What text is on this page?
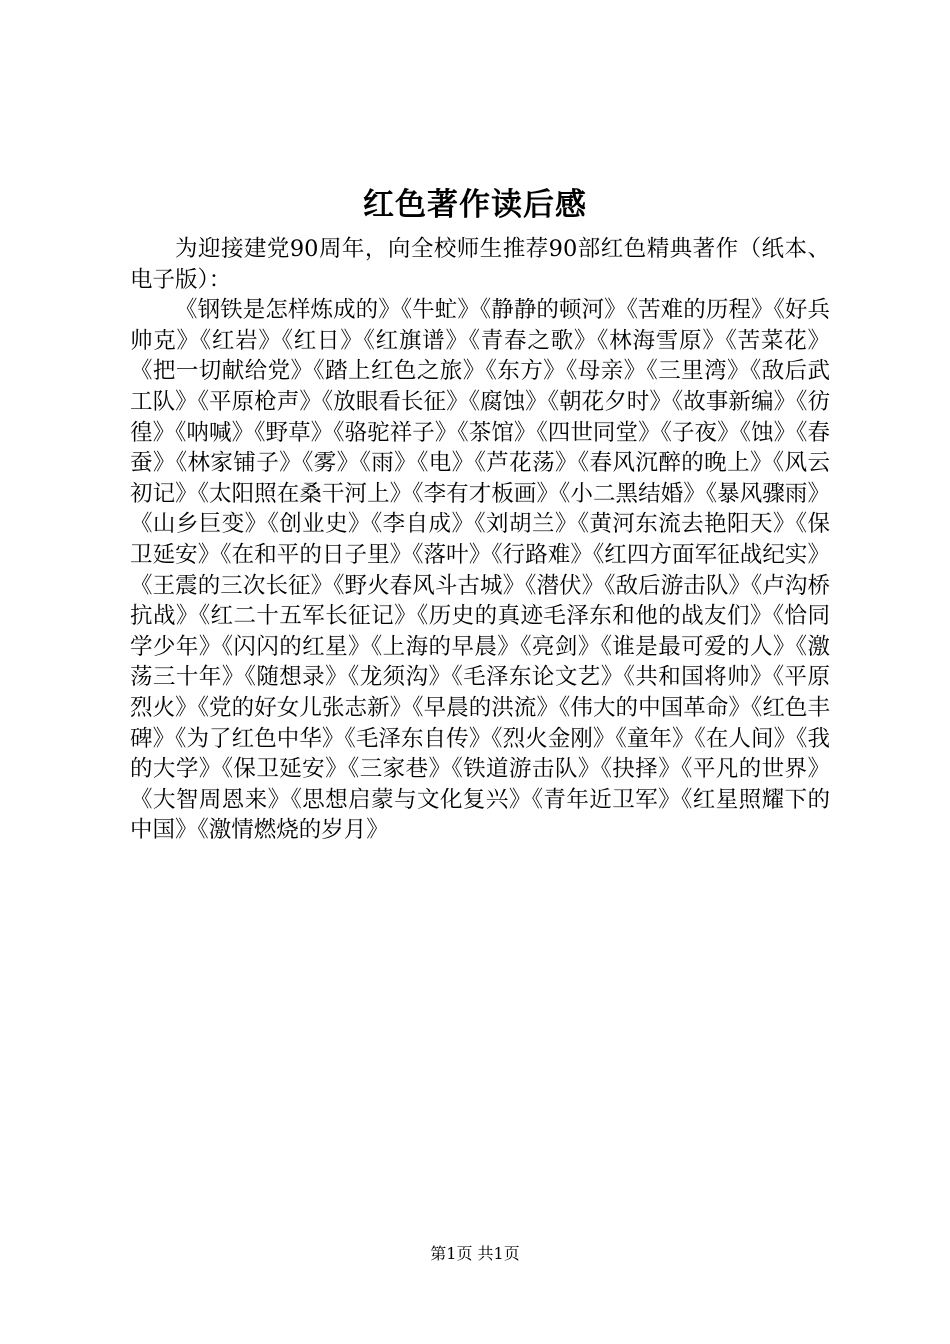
红色著作读后感

为迎接建党90周年，向全校师生推荐90部红色精典著作（纸本、电子版）：

《钢铁是怎样炼成的》《牛虻》《静静的顿河》《苦难的历程》《好兵帅克》《红岩》《红日》《红旗谱》《青春之歌》《林海雪原》《苦菜花》《把一切献给党》《踏上红色之旅》《东方》《母亲》《三里湾》《敌后武工队》《平原枪声》《放眼看长征》《腐蚀》《朝花夕时》《故事新编》《彷徨》《呐喊》《野草》《骆驼祥子》《茶馆》《四世同堂》《子夜》《蚀》《春蚕》《林家铺子》《雾》《雨》《电》《芦花荡》《春风沉醉的晚上》《风云初记》《太阳照在桑干河上》《李有才板画》《小二黑结婚》《暴风骤雨》《山乡巨变》《创业史》《李自成》《刘胡兰》《黄河东流去艳阳天》《保卫延安》《在和平的日子里》《落叶》《行路难》《红四方面军征战纪实》《王震的三次长征》《野火春风斗古城》《潜伏》《敌后游击队》《卢沟桥抗战》《红二十五军长征记》《历史的真迹毛泽东和他的战友们》《恰同学少年》《闪闪的红星》《上海的早晨》《亮剑》《谁是最可爱的人》《激荡三十年》《随想录》《龙须沟》《毛泽东论文艺》《共和国将帅》《平原烈火》《党的好女儿张志新》《早晨的洪流》《伟大的中国革命》《红色丰碑》《为了红色中华》《毛泽东自传》《烈火金刚》《童年》《在人间》《我的大学》《保卫延安》《三家巷》《铁道游击队》《抉择》《平凡的世界》《大智周恩来》《思想启蒙与文化复兴》《青年近卫军》《红星照耀下的中国》《激情燃烧的岁月》

第1页 共1页
